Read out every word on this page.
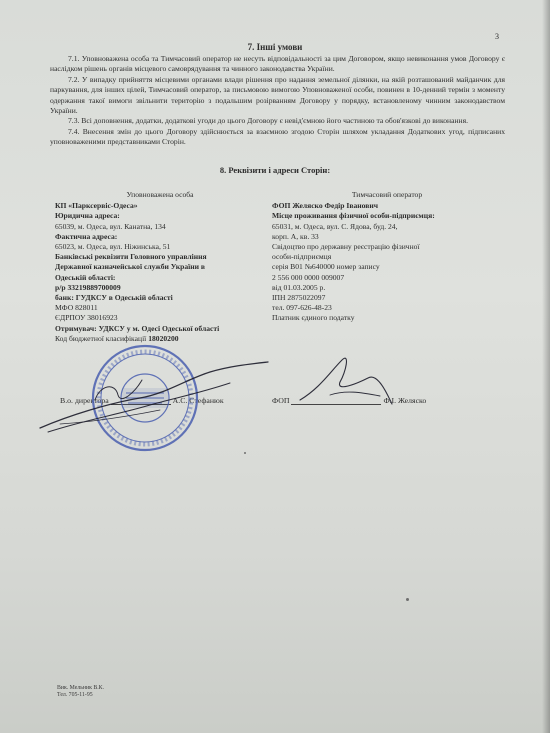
3
7. Інші умови

7.1. Уповноважена особа та Тимчасовий оператор не несуть відповідальності за цим Договором, якщо невиконання умов Договору є наслідком рішень органів місцевого самоврядування та чинного законодавства України.

7.2. У випадку прийняття місцевими органами влади рішення про надання земельної ділянки, на якій розташований майданчик для паркування, для інших цілей, Тимчасовий оператор, за письмовою вимогою Уповноваженої особи, повинен в 10-денний термін з моменту одержання такої вимоги звільнити територію з подальшим розірванням Договору у порядку, встановленому чинним законодавством України.

7.3. Всі доповнення, додатки, додаткові угоди до цього Договору є невід'ємною його частиною та обов'язкові до виконання.

7.4. Внесення змін до цього Договору здійснюється за взаємною згодою Сторін шляхом укладання Додаткових угод, підписаних уповноваженими представниками Сторін.

8. Реквізити і адреси Сторін:
Уповноважена особа
КП «Парксервіс-Одеса»
Юридична адреса:
65039, м. Одеса, вул. Канатна, 134
Фактична адреса:
65023, м. Одеса, вул. Ніжинська, 51
Банківські реквізити Головного управління
Державної казначейської служби України в
Одеській області:
р/р 33219889700009
банк: ГУДКСУ в Одеській області
МФО 828011
ЄДРПОУ 38016923
Отримувач: УДКСУ у м. Одесі Одеської області
Код бюджетної класифікації 18020200
Тимчасовий оператор
ФОП Желяско Федір Іванович
Місце проживання фізичної особи-підприємця:
65031, м. Одеса, вул. С. Ядова, буд. 24,
корп. А, кв. 33
Свідоцтво про державну реєстрацію фізичної
особи-підприємця
серія В01 №640000 номер запису
2 556 000 0000 009007
від 01.03.2005 р.
ІПН 2875022097
тел. 097-626-48-23
Платник єдиного податку
В.о. директора	А.С. Стефанюк	ФОП	Ф.І. Желяско
Вик. Мельник В.К.
Тел. 705-11-95
